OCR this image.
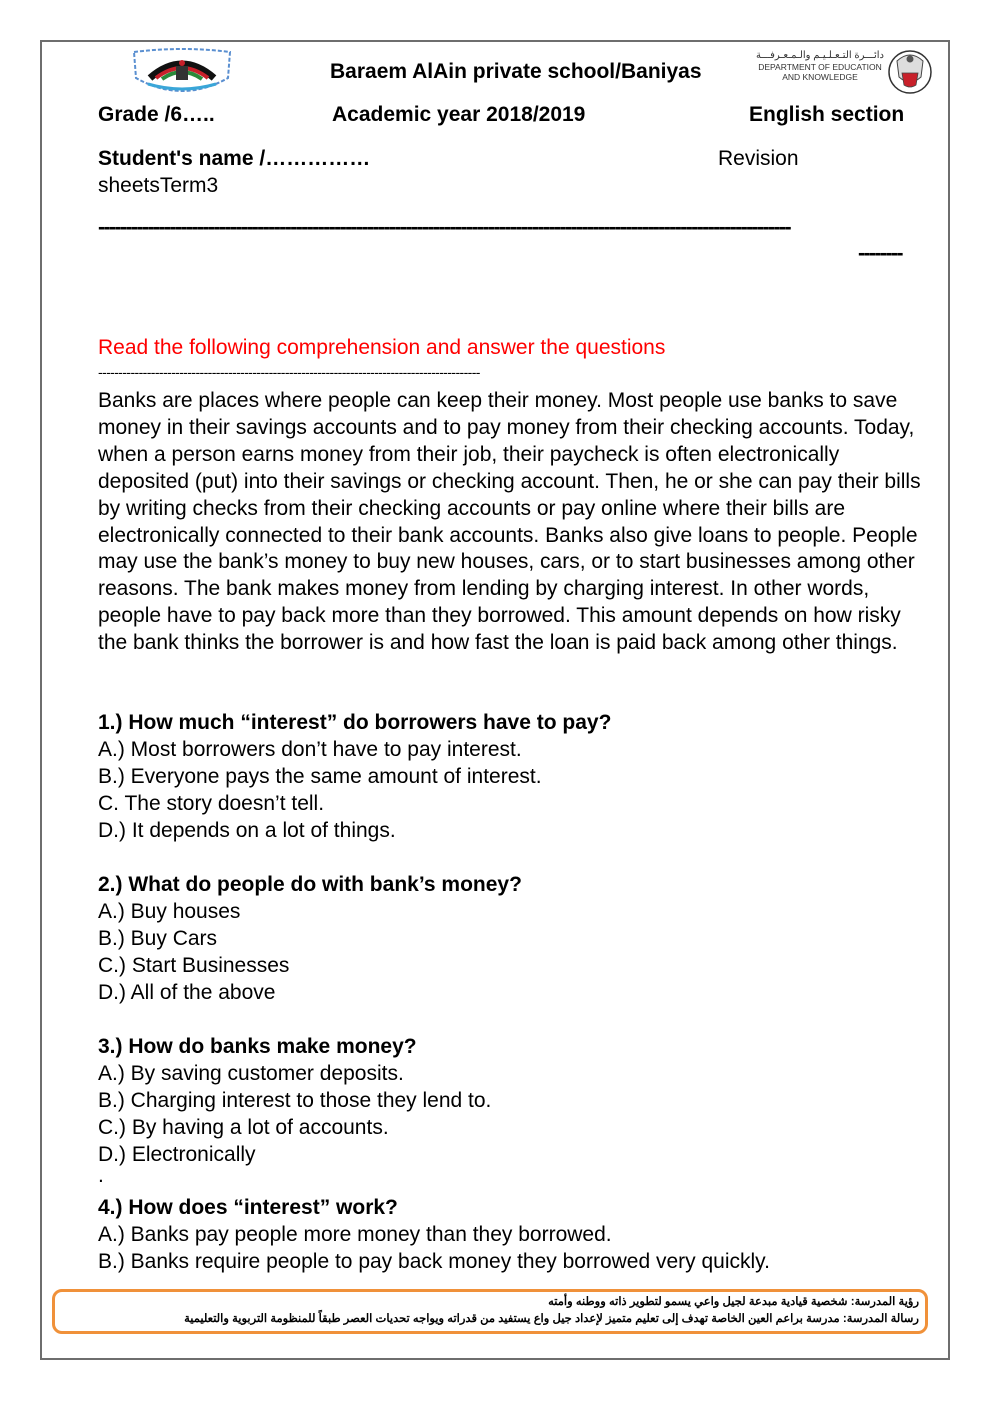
Baraem AlAin private school/Baniyas
دائـــرة التـعـلـيـم والـمـعـرفـــة
DEPARTMENT OF EDUCATION
AND KNOWLEDGE
Grade /6…..	Academic year 2018/2019	English section
Student's name /……………	Revision
sheetsTerm3
------------------------------------------------------------------------------------------------------------------------------
--------
Read the following comprehension and answer the questions
----------------------------------------------------------------------------------------------
Banks are places where people can keep their money. Most people use banks to save money in their savings accounts and to pay money from their checking accounts. Today, when a person earns money from their job, their paycheck is often electronically deposited (put) into their savings or checking account. Then, he or she can pay their bills by writing checks from their checking accounts or pay online where their bills are electronically connected to their bank accounts. Banks also give loans to people. People may use the bank’s money to buy new houses, cars, or to start businesses among other reasons. The bank makes money from lending by charging interest. In other words, people have to pay back more than they borrowed. This amount depends on how risky the bank thinks the borrower is and how fast the loan is paid back among other things.
1.) How much “interest” do borrowers have to pay?
A.) Most borrowers don’t have to pay interest.
B.) Everyone pays the same amount of interest.
C. The story doesn’t tell.
D.) It depends on a lot of things.
2.) What do people do with bank’s money?
A.) Buy houses
B.) Buy Cars
C.) Start Businesses
D.) All of the above
3.) How do banks make money?
A.) By saving customer deposits.
B.) Charging interest to those they lend to.
C.) By having a lot of accounts.
D.) Electronically
.
4.) How does “interest” work?
A.) Banks pay people more money than they borrowed.
B.) Banks require people to pay back money they borrowed very quickly.
رؤية المدرسة: شخصية قيادية مبدعة لجيل واعي يسمو لتطوير ذاته ووطنه وأمته
رسالة المدرسة: مدرسة براعم العين الخاصة تهدف إلى تعليم متميز لإعداد جيل واع يستفيد من قدراته ويواجه تحديات العصر طبقاً للمنظومة التربوية والتعليمية
